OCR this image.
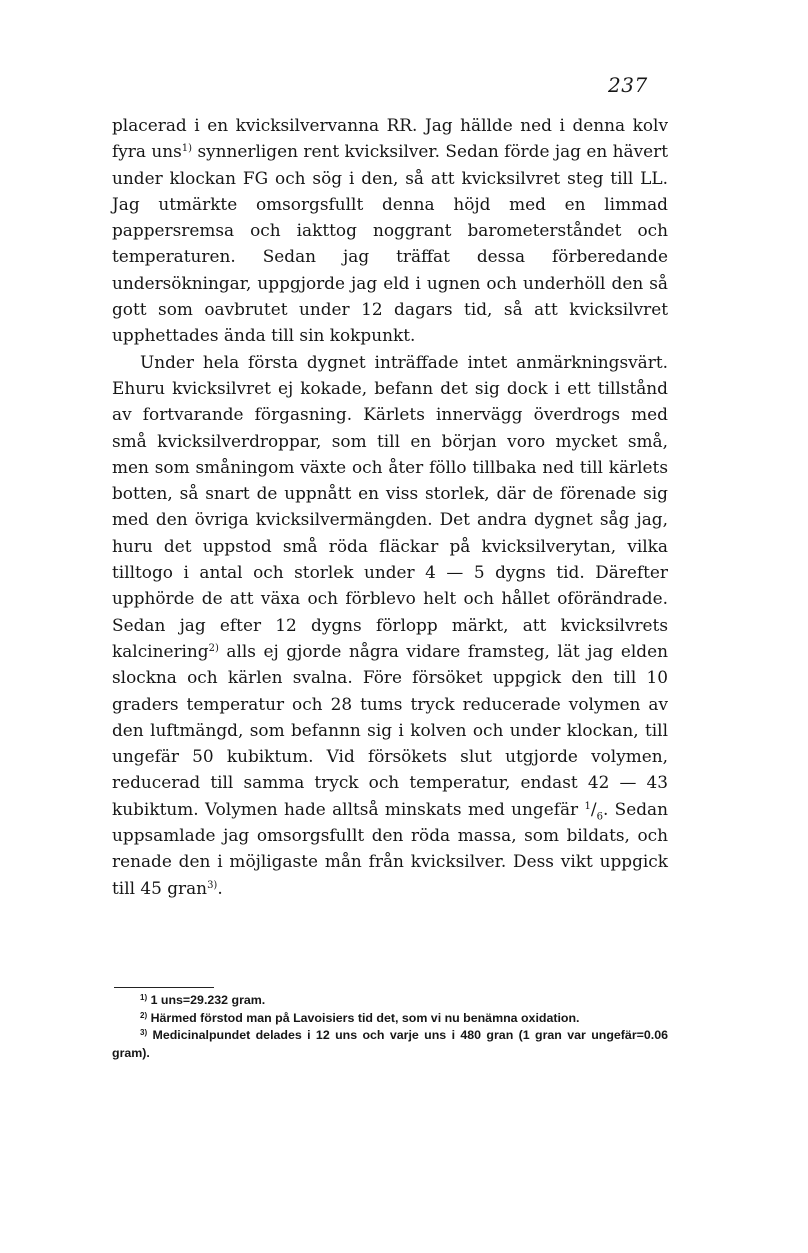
237

placerad i en kvicksilvervanna RR. Jag hällde ned i denna kolv fyra uns$^{1)}$ synnerligen rent kvicksilver. Sedan förde jag en hävert under klockan FG och sög i den, så att kvicksilvret steg till LL. Jag utmärkte omsorgsfullt denna höjd med en limmad pappersremsa och iakttog noggrant barometerståndet och temperaturen. Sedan jag träffat dessa förberedande undersökningar, uppgjorde jag eld i ugnen och underhöll den så gott som oavbrutet under 12 dagars tid, så att kvicksilvret upphettades ända till sin kokpunkt.

Under hela första dygnet inträffade intet anmärkningsvärt. Ehuru kvicksilvret ej kokade, befann det sig dock i ett tillstånd av fortvarande förgasning. Kärlets innervägg överdrogs med små kvicksilverdroppar, som till en början voro mycket små, men som småningom växte och åter föllo tillbaka ned till kärlets botten, så snart de uppnått en viss storlek, där de förenade sig med den övriga kvicksilvermängden. Det andra dygnet såg jag, huru det uppstod små röda fläckar på kvicksilverytan, vilka tilltogo i antal och storlek under 4 — 5 dygns tid. Därefter upphörde de att växa och förblevo helt och hållet oförändrade. Sedan jag efter 12 dygns förlopp märkt, att kvicksilvrets kalcinering$^{2)}$ alls ej gjorde några vidare framsteg, lät jag elden slockna och kärlen svalna. Före försöket uppgick den till 10 graders temperatur och 28 tums tryck reducerade volymen av den luftmängd, som befannn sig i kolven och under klockan, till ungefär 50 kubiktum. Vid försökets slut utgjorde volymen, reducerad till samma tryck och temperatur, endast 42 — 43 kubiktum. Volymen hade alltså minskats med ungefär $^1/_6$. Sedan uppsamlade jag omsorgsfullt den röda massa, som bildats, och renade den i möjligaste mån från kvicksilver. Dess vikt uppgick till 45 gran$^{3)}$.

$^{1)}$ 1 uns=29.232 gram.

$^{2)}$ Härmed förstod man på Lavoisiers tid det, som vi nu benämna oxidation.

$^{3)}$ Medicinalpundet delades i 12 uns och varje uns i 480 gran (1 gran var ungefär=0.06 gram).
